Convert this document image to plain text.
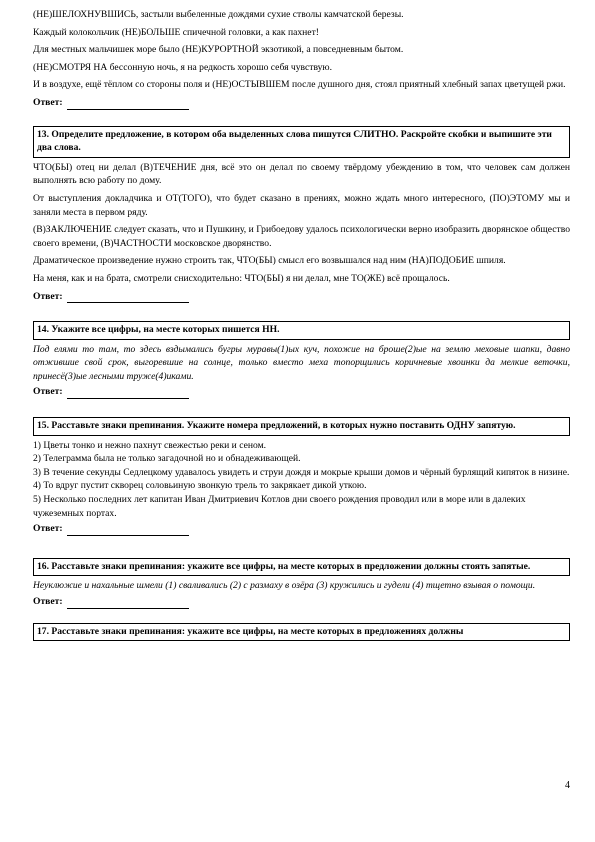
(НЕ)ШЕЛОХНУВШИСЬ, застыли выбеленные дождями сухие стволы камчатской березы.

Каждый колокольчик (НЕ)БОЛЬШЕ спичечной головки, а как пахнет!

Для местных мальчишек море было (НЕ)КУРОРТНОЙ экзотикой, а повседневным бытом.

(НЕ)СМОТРЯ НА бессонную ночь, я на редкость хорошо себя чувствую.

И в воздухе, ещё тёплом со стороны поля и (НЕ)ОСТЫВШЕМ после душного дня, стоял приятный хлебный запах цветущей ржи.

Ответ:

13. Определите предложение, в котором оба выделенных слова пишутся СЛИТНО. Раскройте скобки и выпишите эти два слова.

ЧТО(БЫ) отец ни делал (В)ТЕЧЕНИЕ дня, всё это он делал по своему твёрдому убеждению в том, что человек сам должен выполнять всю работу по дому.

От выступления докладчика и ОТ(ТОГО), что будет сказано в прениях, можно ждать много интересного, (ПО)ЭТОМУ мы и заняли места в первом ряду.

(В)ЗАКЛЮЧЕНИЕ следует сказать, что и Пушкину, и Грибоедову удалось психологически верно изобразить дворянское общество своего времени, (В)ЧАСТНОСТИ московское дворянство.

Драматическое произведение нужно строить так, ЧТО(БЫ) смысл его возвышался над ним (НА)ПОДОБИЕ шпиля.

На меня, как и на брата, смотрели снисходительно: ЧТО(БЫ) я ни делал, мне ТО(ЖЕ) всё прощалось.

Ответ:

14. Укажите все цифры, на месте которых пишется НН.

Под елями то там, то здесь вздымались бугры муравы(1)ых куч, похожие на броше(2)ые на землю меховые шапки, давно отжившие свой срок, выгоревшие на солнце, только вместо меха топорщились коричневые хвоинки да мелкие веточки, принесё(3)ые лесными тружe(4)иками.

Ответ:

15. Расставьте знаки препинания. Укажите номера предложений, в которых нужно поставить ОДНУ запятую.

1) Цветы тонко и нежно пахнут свежестью реки и сеном.

2) Телеграмма была не только загадочной но и обнадеживающей.

3) В течение секунды Седлецкому удавалось увидеть и струи дождя и мокрые крыши домов и чёрный бурлящий кипяток в низине.

4) То вдруг пустит скворец соловьиную звонкую трель то закрякает дикой уткою.

5) Несколько последних лет капитан Иван Дмитриевич Котлов дни своего рождения проводил или в море или в далеких чужеземных портах.

Ответ:

16. Расставьте знаки препинания: укажите все цифры, на месте которых в предложении должны стоять запятые.

Неуклюжие и нахальные шмели (1) сваливались (2) с размаху в озёра (3) кружились и гудели (4) тщетно взывая о помощи.

Ответ:

17. Расставьте знаки препинания: укажите все цифры, на месте которых в предложениях должны

4
